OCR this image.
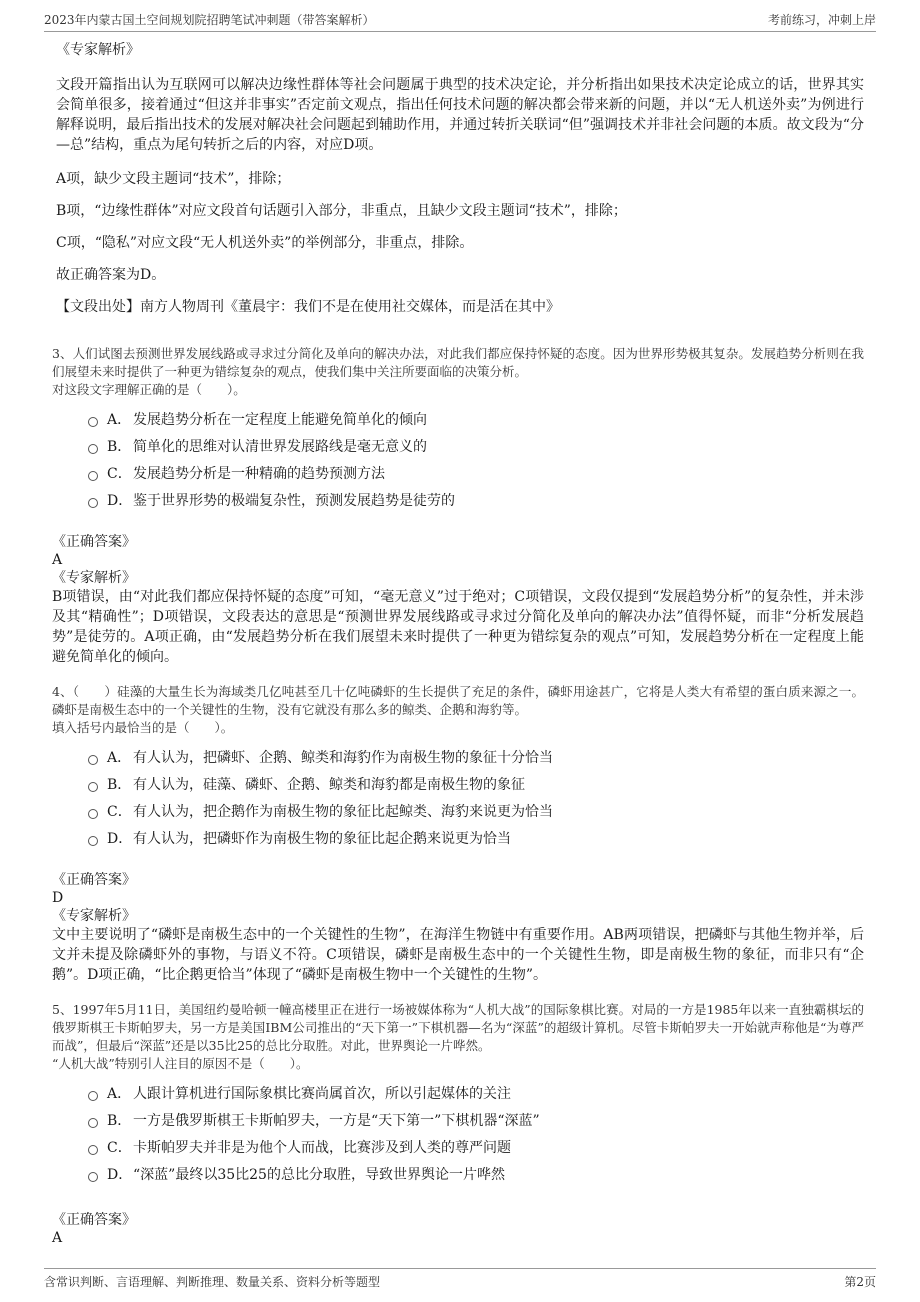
2023年内蒙古国土空间规划院招聘笔试冲刺题（带答案解析）	考前练习，冲刺上岸

《专家解析》

文段开篇指出认为互联网可以解决边缘性群体等社会问题属于典型的技术决定论，并分析指出如果技术决定论成立的话，世界其实会简单很多，接着通过“但这并非事实”否定前文观点，指出任何技术问题的解决都会带来新的问题，并以“无人机送外卖”为例进行解释说明，最后指出技术的发展对解决社会问题起到辅助作用，并通过转折关联词“但”强调技术并非社会问题的本质。故文段为“分—总”结构，重点为尾句转折之后的内容，对应D项。

A项，缺少文段主题词“技术”，排除；

B项，“边缘性群体”对应文段首句话题引入部分，非重点，且缺少文段主题词“技术”，排除；

C项，“隐私”对应文段“无人机送外卖”的举例部分，非重点，排除。

故正确答案为D。

【文段出处】南方人物周刊《董晨宇：我们不是在使用社交媒体，而是活在其中》

3、人们试图去预测世界发展线路或寻求过分简化及单向的解决办法，对此我们都应保持怀疑的态度。因为世界形势极其复杂。发展趋势分析则在我们展望未来时提供了一种更为错综复杂的观点，使我们集中关注所要面临的决策分析。

对这段文字理解正确的是（　　）。

A． 发展趋势分析在一定程度上能避免简单化的倾向
B． 简单化的思维对认清世界发展路线是毫无意义的
C． 发展趋势分析是一种精确的趋势预测方法
D． 鉴于世界形势的极端复杂性，预测发展趋势是徒劳的

《正确答案》

A

《专家解析》

B项错误，由“对此我们都应保持怀疑的态度”可知，“毫无意义”过于绝对；C项错误，文段仅提到“发展趋势分析”的复杂性，并未涉及其“精确性”；D项错误，文段表达的意思是“预测世界发展线路或寻求过分简化及单向的解决办法”值得怀疑，而非“分析发展趋势”是徒劳的。A项正确，由“发展趋势分析在我们展望未来时提供了一种更为错综复杂的观点”可知，发展趋势分析在一定程度上能避免简单化的倾向。

4、（　　）硅藻的大量生长为海域类几亿吨甚至几十亿吨磷虾的生长提供了充足的条件，磷虾用途甚广，它将是人类大有希望的蛋白质来源之一。磷虾是南极生态中的一个关键性的生物，没有它就没有那么多的鲸类、企鹅和海豹等。

填入括号内最恰当的是（　　）。

A． 有人认为，把磷虾、企鹅、鲸类和海豹作为南极生物的象征十分恰当
B． 有人认为，硅藻、磷虾、企鹅、鲸类和海豹都是南极生物的象征
C． 有人认为，把企鹅作为南极生物的象征比起鲸类、海豹来说更为恰当
D． 有人认为，把磷虾作为南极生物的象征比起企鹅来说更为恰当

《正确答案》

D

《专家解析》

文中主要说明了“磷虾是南极生态中的一个关键性的生物”，在海洋生物链中有重要作用。AB两项错误，把磷虾与其他生物并举，后文并未提及除磷虾外的事物，与语义不符。C项错误，磷虾是南极生态中的一个关键性生物，即是南极生物的象征，而非只有“企鹅”。D项正确，“比企鹅更恰当”体现了“磷虾是南极生物中一个关键性的生物”。

5、1997年5月11日，美国纽约曼哈顿一幢高楼里正在进行一场被媒体称为“人机大战”的国际象棋比赛。对局的一方是1985年以来一直独霸棋坛的俄罗斯棋王卡斯帕罗夫，另一方是美国IBM公司推出的“天下第一”下棋机器—名为“深蓝”的超级计算机。尽管卡斯帕罗夫一开始就声称他是“为尊严而战”，但最后“深蓝”还是以35比25的总比分取胜。对此，世界舆论一片哗然。

“人机大战”特别引人注目的原因不是（　　）。

A． 人跟计算机进行国际象棋比赛尚属首次，所以引起媒体的关注
B． 一方是俄罗斯棋王卡斯帕罗夫，一方是“天下第一”下棋机器“深蓝”
C． 卡斯帕罗夫并非是为他个人而战，比赛涉及到人类的尊严问题
D． “深蓝”最终以35比25的总比分取胜，导致世界舆论一片哗然

《正确答案》

A

含常识判断、言语理解、判断推理、数量关系、资料分析等题型	第2页
